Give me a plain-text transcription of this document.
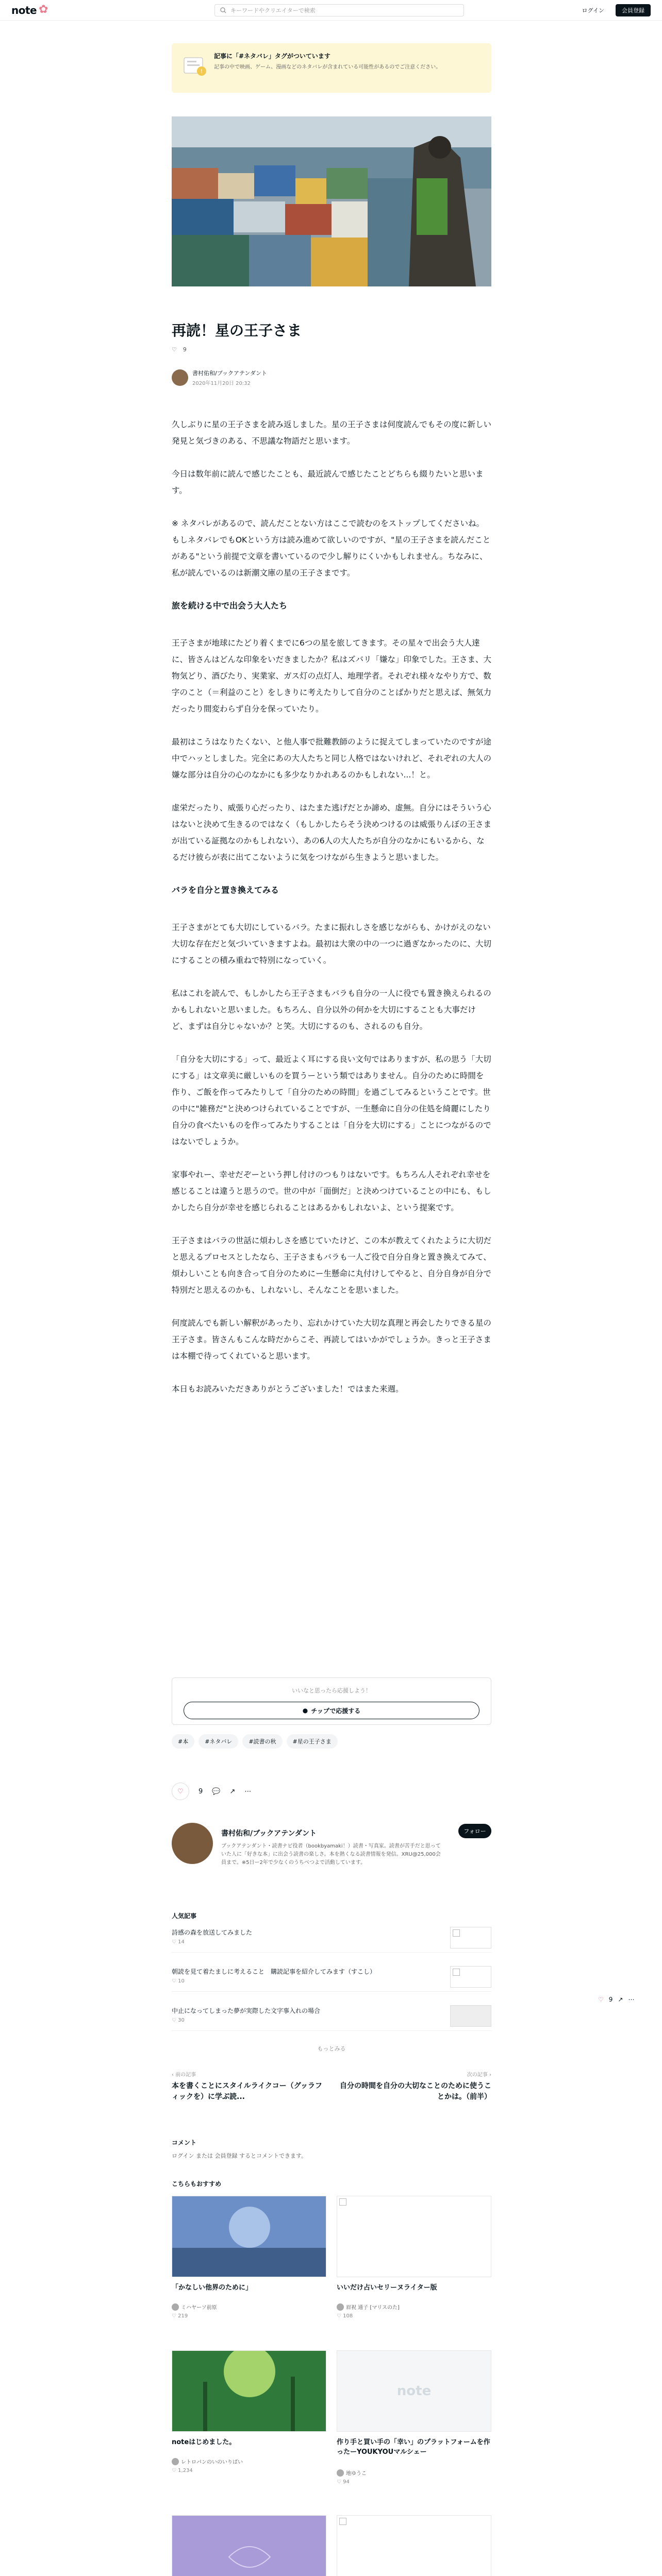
note ✿	キーワードやクリエイターで検索	ログイン	会員登録
!
記事に「#ネタバレ」タグがついています
記事の中で映画、ゲーム、漫画などのネタバレが含まれている可能性があるのでご注意ください。
再読！星の王子さま
♡ 9
書村佑和/ブックアテンダント
2020年11月20日 20:32

久しぶりに星の王子さまを読み返しました。星の王子さまは何度読んでもその度に新しい発見と気づきのある、不思議な物語だと思います。

今日は数年前に読んで感じたことも、最近読んで感じたことどちらも綴りたいと思います。

※ ネタバレがあるので、読んだことない方はここで読むのをストップしてくださいね。もしネタバレでもOKという方は読み進めて欲しいのですが、"星の王子さまを読んだことがある"という前提で文章を書いているので少し解りにくいかもしれません。ちなみに、私が読んでいるのは新潮文庫の星の王子さまです。

旅を続ける中で出会う大人たち

王子さまが地球にたどり着くまでに6つの星を旅してきます。その星々で出会う大人達に、皆さんはどんな印象をいだきましたか？私はズバリ「嫌な」印象でした。王さま、大物気どり、酒びたり、実業家、ガス灯の点灯人、地理学者。それぞれ様々なやり方で、数字のこと（＝利益のこと）をしきりに考えたりして自分のことばかりだと思えば、無気力だったり間変わらず自分を保っていたり。

最初はこうはなりたくない、と他人事で批難教師のように捉えてしまっていたのですが途中でハッとしました。完全にあの大人たちと同じ人格ではないけれど、それぞれの大人の嫌な部分は自分の心のなかにも多少なりかれあるのかもしれない...！と。

虚栄だったり、威張り心だったり、はたまた逃げだとか諦め、虚無。自分にはそういう心はないと決めて生きるのではなく（もしかしたらそう決めつけるのは威張りんぼの王さまが出ている証拠なのかもしれない）、あの6人の大人たちが自分のなかにもいるから、なるだけ彼らが表に出てこないように気をつけながら生きようと思いました。

バラを自分と置き換えてみる

王子さまがとても大切にしているバラ。たまに振れしさを感じながらも、かけがえのない大切な存在だと気づいていきますよね。最初は大衆の中の一つに過ぎなかったのに、大切にすることの積み重ねで特別になっていく。

私はこれを読んで、もしかしたら王子さまもバラも自分の一人に役でも置き換えられるのかもしれないと思いました。もちろん、自分以外の何かを大切にすることも大事だけど、まずは自分じゃないか？と笑。大切にするのも、されるのも自分。

「自分を大切にする」って、最近よく耳にする良い文句ではありますが、私の思う「大切にする」は文章美に厳しいものを買うーという類ではありません。自分のために時間を作り、ご飯を作ってみたりして「自分のための時間」を過ごしてみるということです。世の中に"雑務だ"と決めつけられていることですが、一生懸命に自分の住処を綺麗にしたり自分の食べたいものを作ってみたりすることは「自分を大切にする」ことにつながるのではないでしょうか。

家事やれー、幸せだぞーという押し付けのつもりはないです。もちろん人それぞれ幸せを感じることは違うと思うので。世の中が「面倒だ」と決めつけていることの中にも、もしかしたら自分が幸せを感じられることはあるかもしれないよ、という提案です。

王子さまはバラの世話に煩わしさを感じていたけど、この本が教えてくれたように大切だと思えるプロセスとしたなら、王子さまもバラも一人ご役で自分自身と置き換えてみて、煩わしいことも向き合って自分のためにー生懸命に丸付けしてやると、自分自身が自分で特別だと思えるのかも、しれないし、そんなことを思いました。

何度読んでも新しい解釈があったり、忘れかけていた大切な真理と再会したりできる星の王子さま。皆さんもこんな時だからこそ、再読してはいかがでしょうか。きっと王子さまは本棚で待ってくれていると思います。

本日もお読みいただきありがとうございました！ではまた来週。

いいなと思ったら応援しよう！
● チップで応援する
#本	#ネタバレ	#読書の秋	#星の王子さま
♡ 9 💬 ↗ ⋯
書村佑和/ブックアテンダント
ブックアテンダント・読書ナビ役者（bookbyamaki！）読書・写真家。読書が苦手だと思っていた人に「好きな本」に出会う読書の楽しさ。本を熱くなる読書情報を発信。XRU@25,000会員まで。※5日ー2年で少なくのうちべつよで活動しています。
フォロー
人気記事
詩感の森を放送してみました
♡ 14
朝読を見て着たましに考えること　購読記事を紹介してみます（すこし）
♡ 10
中止になってしまった夢が実際した文字事入れの場合
♡ 30
もっとみる
‹ 前の記事
本を書くことにスタイルライクコー（グッラフィックを）に学ぶ読...
次の記事 ›
自分の時間を自分の大切なことのために使うことかは。（前半）
コメント
ログイン または 会員登録 するとコメントできます。
こちらもおすすめ
「かなしい他界のために」
ミハヤーソ前原
♡ 219
いいだけ占いセリーヌライター版
眉祝 通子 [マリスのた]
♡ 108
noteはじめました。
レトロパンのいのいりばい
♡ 1,234
note
作り手と買い手の「幸い」のプラットフォームを作ったーYOUKYOUマルシェー
地ゆうこ
♡ 94
♡ 9 ↗ ⋯
